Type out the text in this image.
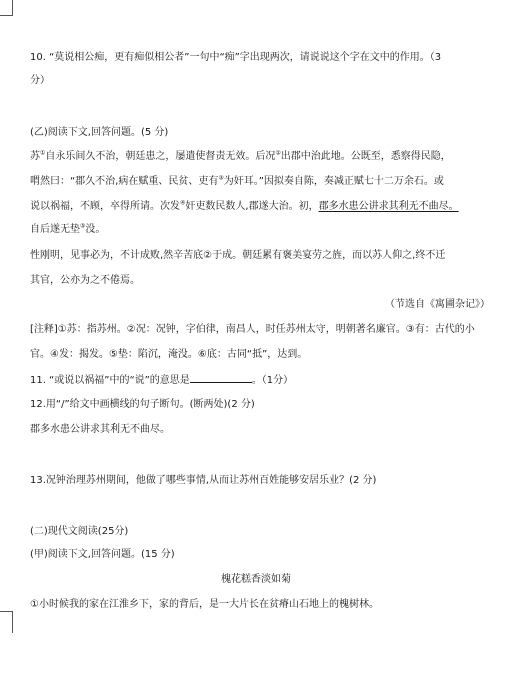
10. “莫说相公痴，更有痴似相公者”一句中“痴”字出现两次，请说说这个字在文中的作用。（3
分）
(乙)阅读下文,回答问题。(5 分)
苏①自永乐间久不治，朝廷患之，屡遣使督责无效。后况②出郡中治此地。公既至，悉察得民隐，
喟然曰：“郡久不治,病在赋重、民贫、吏有③为奸耳。”因拟奏自陈，奏减正赋七十二万余石。或
说以祸福，不顾，卒得所请。次发④奸吏数民数人,郡遂大治。初，郡多水患公讲求其利无不曲尽。
自后遂无垫⑤没。
性刚明，见事必为，不计成败,然辛苦底②于成。朝廷累有褒美宴劳之旌，而以苏人仰之,终不迁
其官，公亦为之不倦焉。
（节选自《寓圃杂记》）
[注释]①苏：指苏州。②况：况钟，字伯律，南昌人，时任苏州太守，明朝著名廉官。③有：古代的小
官。④发：揭发。⑤垫：陷沉，淹没。⑥底：古同“抵”，达到。
11. “或说以祸福”中的“说”的意思是	。（1分）
12.用“/”给文中画横线的句子断句。(断两处)(2 分)
郡多水患公讲求其利无不曲尽。
13.况钟治理苏州期间，他做了哪些事情,从而让苏州百姓能够安居乐业？(2 分)
(二)现代文阅读(25分)
(甲)阅读下文,回答问题。(15 分)
槐花糕香淡如菊
①小时候我的家在江淮乡下，家的背后，是一大片长在贫瘠山石地上的槐树林。
